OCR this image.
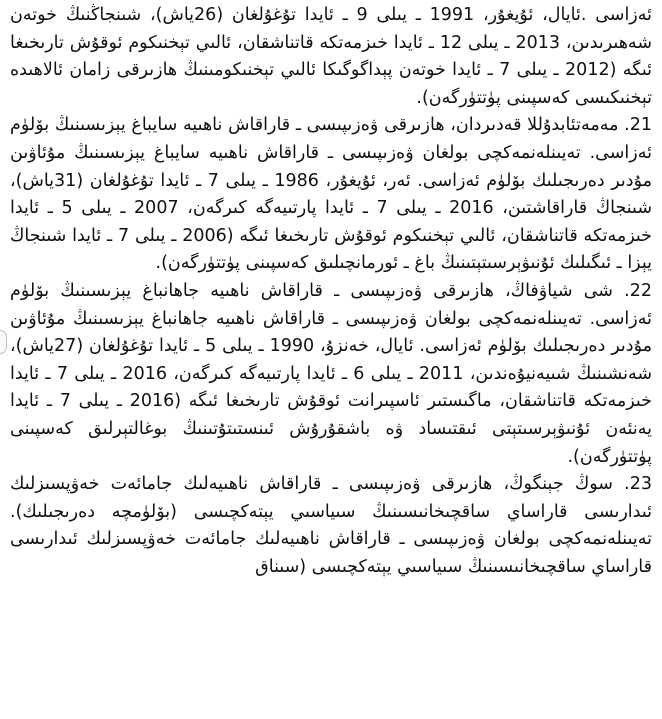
ئەزاسى .ئايال، ئۇيغۇر، 1991 ـ يىلى 9 ـ ئايدا تۇغۇلغان (26ياش)، شىنجاڭنىڭ خوتەن شەھىرىدىن، 2013 ـ يىلى 12 ـ ئايدا خىزمەتكە قاتناشقان، ئالىي تېخنىكوم ئوقۇش تارىخىغا ئىگە (2012 ـ يىلى 7 ـ ئايدا خوتەن پېداگوگىكا ئالىي تېخنىكومىنىڭ ھازىرقى زامان ئالاھىدە تېخنىكىسى كەسپىنى پۈتتۈرگەن).

21. مەمەتئابدۇللا قەدىردان، ھازىرقى ۋەزىپىسى ـ قاراقاش ناھىيە سايباغ يېزىسىنىڭ بۆلۈم ئەزاسى. تەيىنلەنمەكچى بولغان ۋەزىپىسى ـ قاراقاش ناھىيە سايباغ يېزىسىنىڭ مۇئاۋىن مۇدىر دەرىجىلىك بۆلۈم ئەزاسى. ئەر، ئۇيغۇر، 1986 ـ يىلى 7 ـ ئايدا تۇغۇلغان (31ياش)، شىنجاڭ قاراقاشتىن، 2016 ـ يىلى 7 ـ ئايدا پارتىيەگە كىرگەن، 2007 ـ يىلى 5 ـ ئايدا خىزمەتكە قاتناشقان، ئالىي تېخنىكوم ئوقۇش تارىخىغا ئىگە (2006 ـ يىلى 7 ـ ئايدا شىنجاڭ يېزا ـ ئىگىلىك ئۇنىۋېرسىتېتىنىڭ باغ ـ ئورمانچىلىق كەسپىنى پۈتتۈرگەن).

22. شى شياۋفاڭ، ھازىرقى ۋەزىپىسى ـ قاراقاش ناھىيە جاھانباغ يېزىسىنىڭ بۆلۈم ئەزاسى. تەيىنلەنمەكچى بولغان ۋەزىپىسى ـ قاراقاش ناھىيە جاھانباغ يېزىسىنىڭ مۇئاۋىن مۇدىر دەرىجىلىك بۆلۈم ئەزاسى. ئايال، خەنزۇ، 1990 ـ يىلى 5 ـ ئايدا تۇغۇلغان (27ياش)، شەنشىنىڭ شىيەنيۇەندىن، 2011 ـ يىلى 6 ـ ئايدا پارتىيەگە كىرگەن، 2016 ـ يىلى 7 ـ ئايدا خىزمەتكە قاتناشقان، ماگىستىر ئاسپىرانت ئوقۇش تارىخىغا ئىگە (2016 ـ يىلى 7 ـ ئايدا يەنئەن ئۇنىۋېرسىتېتى ئىقتىساد ۋە باشقۇرۇش ئىنستىتۇتىنىڭ بوغالتېرلىق كەسپىنى پۈتتۈرگەن).

23. سوڭ جېنگوڭ، ھازىرقى ۋەزىپىسى ـ قاراقاش ناھىيەلىك جامائەت خەۋپسىزلىك ئىدارىسى قاراساي ساقچىخانىسىنىڭ سىياسىي يېتەكچىسى (بۆلۈمچە دەرىجىلىك). تەيىنلەنمەكچى بولغان ۋەزىپىسى ـ قاراقاش ناھىيەلىك جامائەت خەۋپسىزلىك ئىدارىسى قاراساي ساقچىخانىسىنىڭ سىياسىي يېتەكچىسى (سىناق
